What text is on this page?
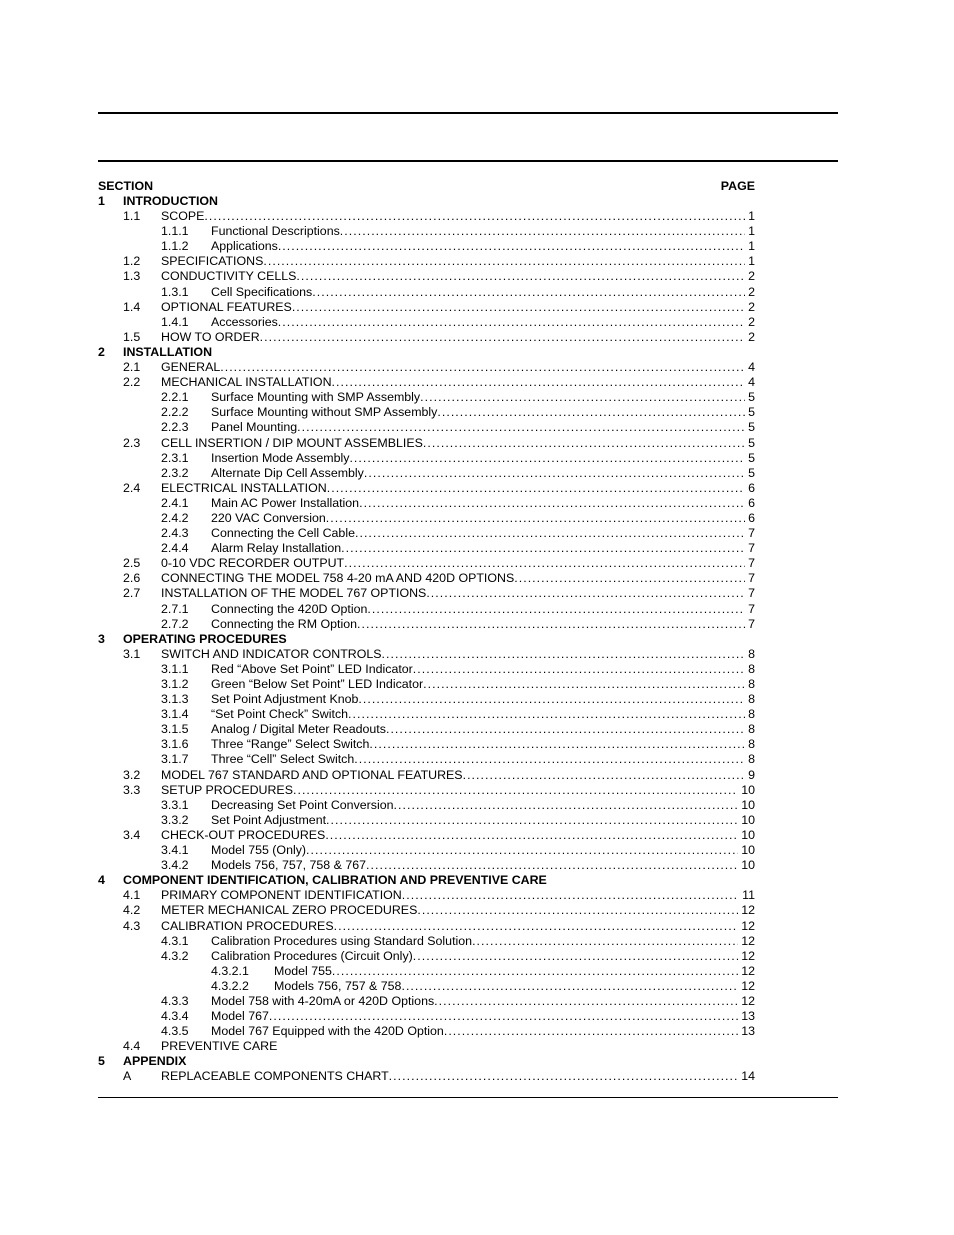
SECTION	PAGE
1 INTRODUCTION
1.1 SCOPE . . .	1
1.1.1 Functional Descriptions . . .	1
1.1.2 Applications . . .	1
1.2 SPECIFICATIONS . . .	1
1.3 CONDUCTIVITY CELLS . . .	2
1.3.1 Cell Specifications . . .	2
1.4 OPTIONAL FEATURES . . .	2
1.4.1 Accessories . . .	2
1.5 HOW TO ORDER . . .	2
2 INSTALLATION
2.1 GENERAL . . .	4
2.2 MECHANICAL INSTALLATION . . .	4
2.2.1 Surface Mounting with SMP Assembly . . .	5
2.2.2 Surface Mounting without SMP Assembly . . .	5
2.2.3 Panel Mounting . . .	5
2.3 CELL INSERTION / DIP MOUNT ASSEMBLIES . . .	5
2.3.1 Insertion Mode Assembly . . .	5
2.3.2 Alternate Dip Cell Assembly . . .	5
2.4 ELECTRICAL INSTALLATION . . .	6
2.4.1 Main AC Power Installation . . .	6
2.4.2 220 VAC Conversion . . .	6
2.4.3 Connecting the Cell Cable . . .	7
2.4.4 Alarm Relay Installation . . .	7
2.5 0-10 VDC RECORDER OUTPUT . . .	7
2.6 CONNECTING THE MODEL 758 4-20 mA AND 420D OPTIONS . . .	7
2.7 INSTALLATION OF THE MODEL 767 OPTIONS . . .	7
2.7.1 Connecting the 420D Option . . .	7
2.7.2 Connecting the RM Option . . .	7
3 OPERATING PROCEDURES
3.1 SWITCH AND INDICATOR CONTROLS . . .	8
3.1.1 Red “Above Set Point” LED Indicator . . .	8
3.1.2 Green “Below Set Point” LED Indicator . . .	8
3.1.3 Set Point Adjustment Knob . . .	8
3.1.4 “Set Point Check” Switch . . .	8
3.1.5 Analog / Digital Meter Readouts . . .	8
3.1.6 Three “Range” Select Switch . . .	8
3.1.7 Three “Cell” Select Switch . . .	8
3.2 MODEL 767 STANDARD AND OPTIONAL FEATURES . . .	9
3.3 SETUP PROCEDURES . . .	10
3.3.1 Decreasing Set Point Conversion . . .	10
3.3.2 Set Point Adjustment . . .	10
3.4 CHECK-OUT PROCEDURES . . .	10
3.4.1 Model 755 (Only) . . .	10
3.4.2 Models 756, 757, 758 & 767 . . .	10
4 COMPONENT IDENTIFICATION, CALIBRATION AND PREVENTIVE CARE
4.1 PRIMARY COMPONENT IDENTIFICATION . . .	11
4.2 METER MECHANICAL ZERO PROCEDURES . . .	12
4.3 CALIBRATION PROCEDURES . . .	12
4.3.1 Calibration Procedures using Standard Solution . . .	12
4.3.2 Calibration Procedures (Circuit Only) . . .	12
4.3.2.1 Model 755 . . .	12
4.3.2.2 Models 756, 757 & 758 . . .	12
4.3.3 Model 758 with 4-20mA or 420D Options . . .	12
4.3.4 Model 767 . . .	13
4.3.5 Model 767 Equipped with the 420D Option . . .	13
4.4 PREVENTIVE CARE
5 APPENDIX
A REPLACEABLE COMPONENTS CHART . . .	14
